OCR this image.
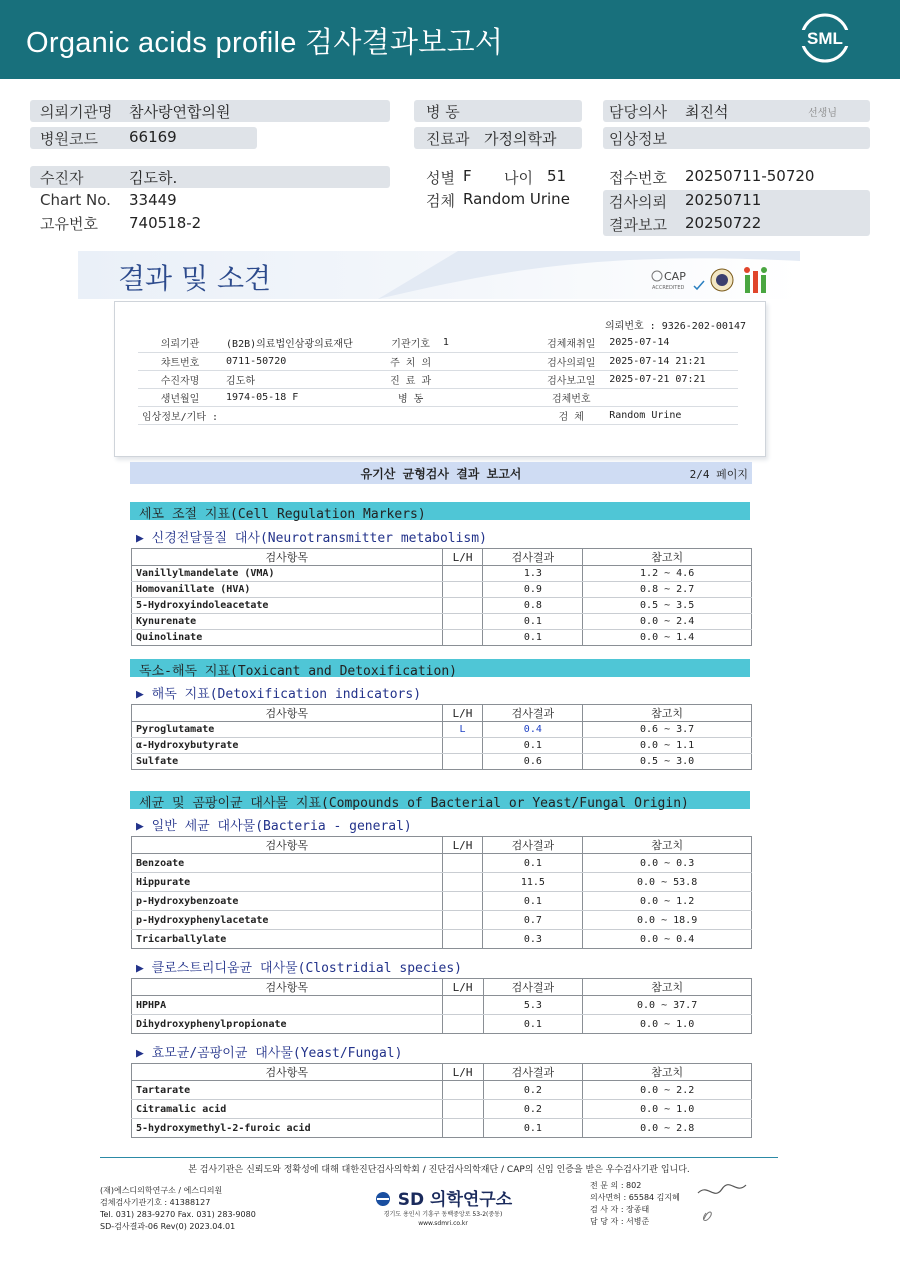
Organic acids profile 검사결과보고서	SML
의뢰기관명 참사랑연합의원
병원코드 66169
병 동
진료과 가정의학과
담당의사 최진석	선생님
임상정보
수진자	김도하.
Chart No. 33449
고유번호 740518-2
성별 F 나이 51
검체 Random Urine
접수번호 20250711-50720
검사의뢰 20250711
결과보고 20250722
결과 및 소견	CAP
ACCREDITED
의뢰번호 : 9326-202-00147
의뢰기관	(B2B)의료법인삼광의료재단	기관기호	1	검체채취일	2025-07-14
챠트번호	0711-50720	주 치 의		검사의뢰일	2025-07-14 21:21
수진자명	김도하	진 료 과		검사보고일	2025-07-21 07:21
생년월일	1974-05-18 F	병 동		검체번호	
임상정보/기타 :				검 체	Random Urine
유기산 균형검사 결과 보고서	2/4 페이지
세포 조절 지표(Cell Regulation Markers)
▶ 신경전달물질 대사(Neurotransmitter metabolism)
검사항목	L/H	검사결과	참고치
Vanillylmandelate (VMA)		1.3	1.2 ~ 4.6
Homovanillate (HVA)		0.9	0.8 ~ 2.7
5-Hydroxyindoleacetate		0.8	0.5 ~ 3.5
Kynurenate		0.1	0.0 ~ 2.4
Quinolinate		0.1	0.0 ~ 1.4
독소-해독 지표(Toxicant and Detoxification)
▶ 해독 지표(Detoxification indicators)
검사항목	L/H	검사결과	참고치
Pyroglutamate	L	0.4	0.6 ~ 3.7
α-Hydroxybutyrate		0.1	0.0 ~ 1.1
Sulfate		0.6	0.5 ~ 3.0
세균 및 곰팡이균 대사물 지표(Compounds of Bacterial or Yeast/Fungal Origin)
▶ 일반 세균 대사물(Bacteria - general)
검사항목	L/H	검사결과	참고치
Benzoate		0.1	0.0 ~ 0.3
Hippurate		11.5	0.0 ~ 53.8
p-Hydroxybenzoate		0.1	0.0 ~ 1.2
p-Hydroxyphenylacetate		0.7	0.0 ~ 18.9
Tricarballylate		0.3	0.0 ~ 0.4
▶ 클로스트리디움균 대사물(Clostridial species)
검사항목	L/H	검사결과	참고치
HPHPA		5.3	0.0 ~ 37.7
Dihydroxyphenylpropionate		0.1	0.0 ~ 1.0
▶ 효모균/곰팡이균 대사물(Yeast/Fungal)
검사항목	L/H	검사결과	참고치
Tartarate		0.2	0.0 ~ 2.2
Citramalic acid		0.2	0.0 ~ 1.0
5-hydroxymethyl-2-furoic acid		0.1	0.0 ~ 2.8
본 검사기관은 신뢰도와 정확성에 대해 대한진단검사의학회 / 진단검사의학재단 / CAP의 신임 인증을 받은 우수검사기관 입니다.
(재)에스디의학연구소 / 에스디의원
검체검사기관기호 : 41388127
Tel. 031) 283-9270 Fax. 031) 283-9080
SD-검사결과-06 Rev(0) 2023.04.01
SD 의학연구소
경기도 용인시 기흥구 동백중앙로 53-2(중동)
www.sdmri.co.kr
전 문 의 : 802
의사면허 : 65584 김지혜
검 사 자 : 장종태
담 당 자 : 서병준
